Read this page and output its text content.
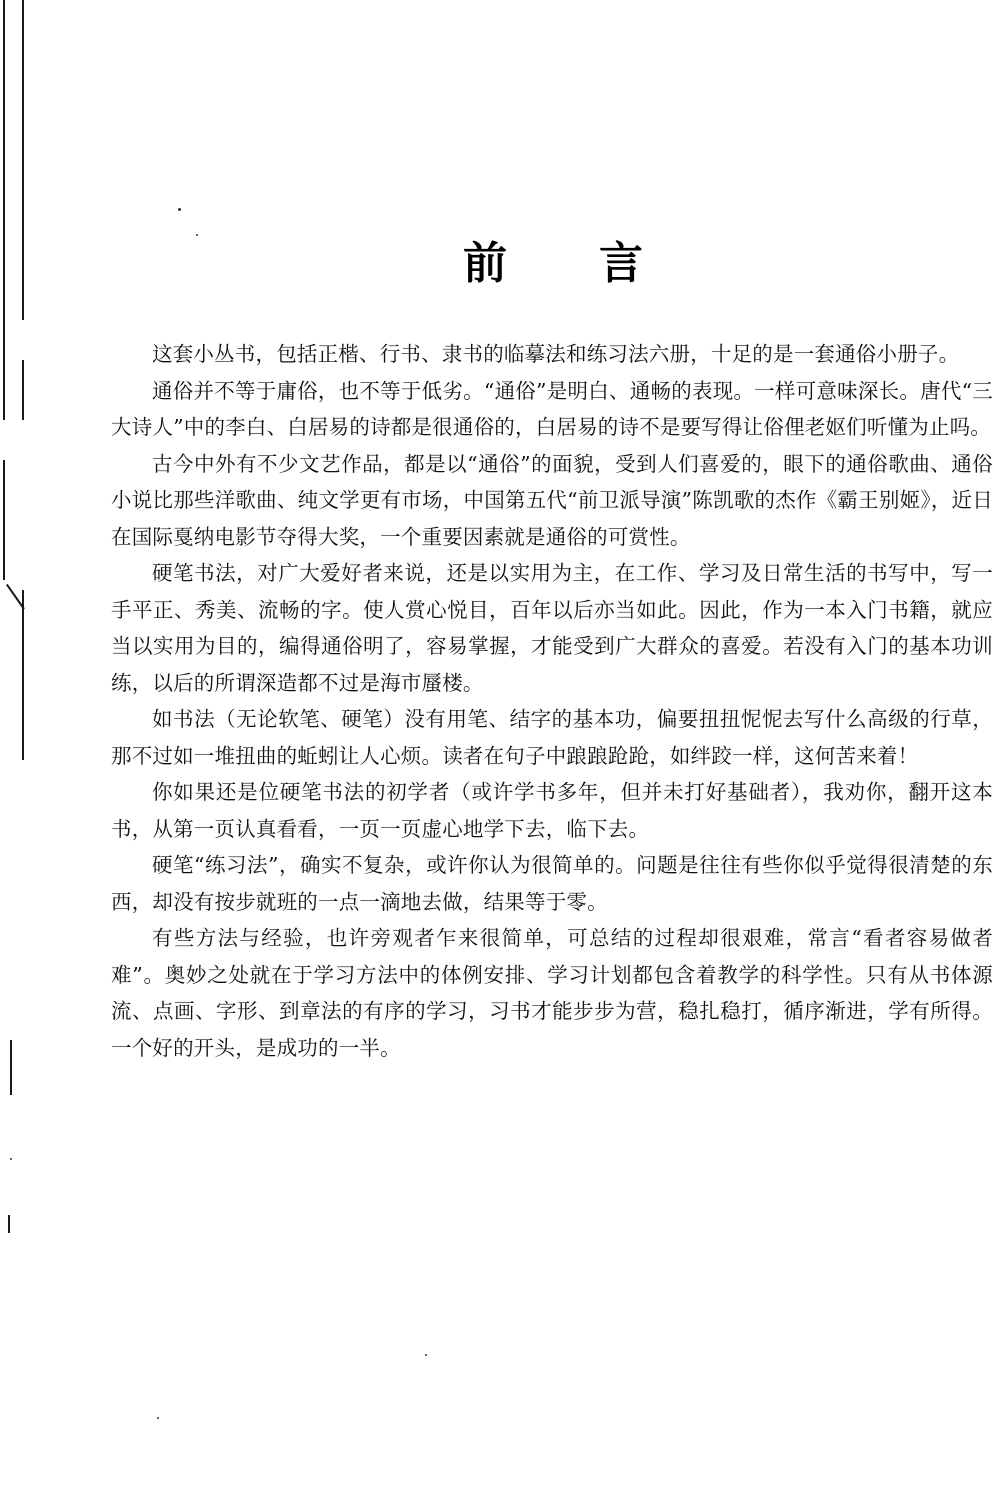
前 言

这套小丛书，包括正楷、行书、隶书的临摹法和练习法六册，十足的是一套通俗小册子。

通俗并不等于庸俗，也不等于低劣。“通俗”是明白、通畅的表现。一样可意味深长。唐代“三大诗人”中的李白、白居易的诗都是很通俗的，白居易的诗不是要写得让俗俚老妪们听懂为止吗。

古今中外有不少文艺作品，都是以“通俗”的面貌，受到人们喜爱的，眼下的通俗歌曲、通俗小说比那些洋歌曲、纯文学更有市场，中国第五代“前卫派导演”陈凯歌的杰作《霸王别姬》，近日在国际戛纳电影节夺得大奖，一个重要因素就是通俗的可赏性。

硬笔书法，对广大爱好者来说，还是以实用为主，在工作、学习及日常生活的书写中，写一手平正、秀美、流畅的字。使人赏心悦目，百年以后亦当如此。因此，作为一本入门书籍，就应当以实用为目的，编得通俗明了，容易掌握，才能受到广大群众的喜爱。若没有入门的基本功训练，以后的所谓深造都不过是海市蜃楼。

如书法（无论软笔、硬笔）没有用笔、结字的基本功，偏要扭扭怩怩去写什么高级的行草，那不过如一堆扭曲的蚯蚓让人心烦。读者在句子中踉踉跄跄，如绊跤一样，这何苦来着！

你如果还是位硬笔书法的初学者（或许学书多年，但并未打好基础者），我劝你，翻开这本书，从第一页认真看看，一页一页虚心地学下去，临下去。

硬笔“练习法”，确实不复杂，或许你认为很简单的。问题是往往有些你似乎觉得很清楚的东西，却没有按步就班的一点一滴地去做，结果等于零。

有些方法与经验，也许旁观者乍来很简单，可总结的过程却很艰难，常言“看者容易做者难”。奥妙之处就在于学习方法中的体例安排、学习计划都包含着教学的科学性。只有从书体源流、点画、字形、到章法的有序的学习，习书才能步步为营，稳扎稳打，循序渐进，学有所得。一个好的开头，是成功的一半。
